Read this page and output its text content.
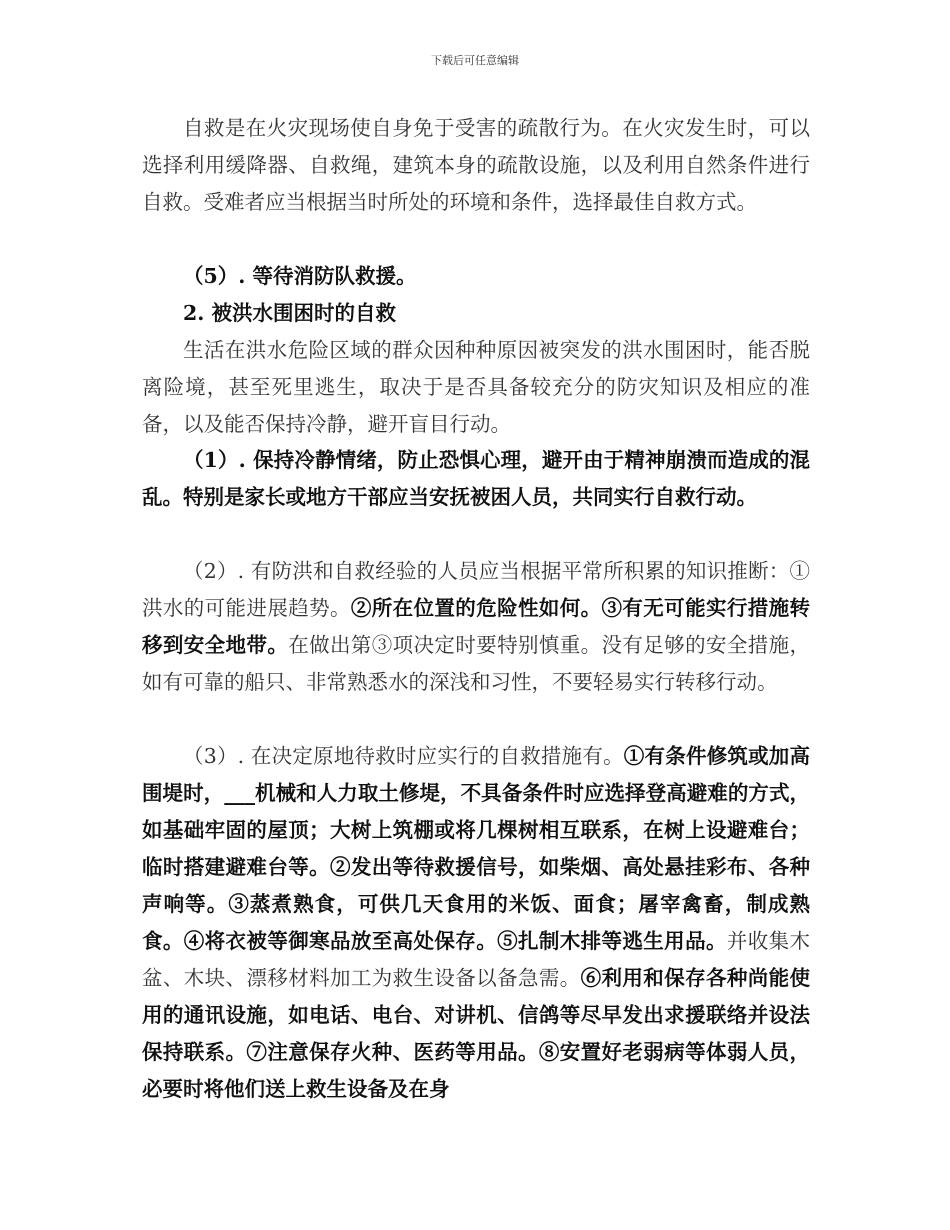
下载后可任意编辑

自救是在火灾现场使自身免于受害的疏散行为。在火灾发生时，可以选择利用缓降器、自救绳，建筑本身的疏散设施，以及利用自然条件进行自救。受难者应当根据当时所处的环境和条件，选择最佳自救方式。

（5）. 等待消防队救援。

2. 被洪水围困时的自救

生活在洪水危险区域的群众因种种原因被突发的洪水围困时，能否脱离险境，甚至死里逃生，取决于是否具备较充分的防灾知识及相应的准备，以及能否保持冷静，避开盲目行动。

（1）. 保持冷静情绪，防止恐惧心理，避开由于精神崩溃而造成的混乱。特别是家长或地方干部应当安抚被困人员，共同实行自救行动。

（2）. 有防洪和自救经验的人员应当根据平常所积累的知识推断：①洪水的可能进展趋势。②所在位置的危险性如何。③有无可能实行措施转移到安全地带。在做出第③项决定时要特别慎重。没有足够的安全措施，如有可靠的船只、非常熟悉水的深浅和习性，不要轻易实行转移行动。

（3）. 在决定原地待救时应实行的自救措施有。①有条件修筑或加高围堤时，___机械和人力取土修堤，不具备条件时应选择登高避难的方式，如基础牢固的屋顶；大树上筑棚或将几棵树相互联系，在树上设避难台；临时搭建避难台等。②发出等待救援信号，如柴烟、高处悬挂彩布、各种声响等。③蒸煮熟食，可供几天食用的米饭、面食；屠宰禽畜，制成熟食。④将衣被等御寒品放至高处保存。⑤扎制木排等逃生用品。并收集木盆、木块、漂移材料加工为救生设备以备急需。⑥利用和保存各种尚能使用的通讯设施，如电话、电台、对讲机、信鸽等尽早发出求援联络并设法保持联系。⑦注意保存火种、医药等用品。⑧安置好老弱病等体弱人员，必要时将他们送上救生设备及在身
